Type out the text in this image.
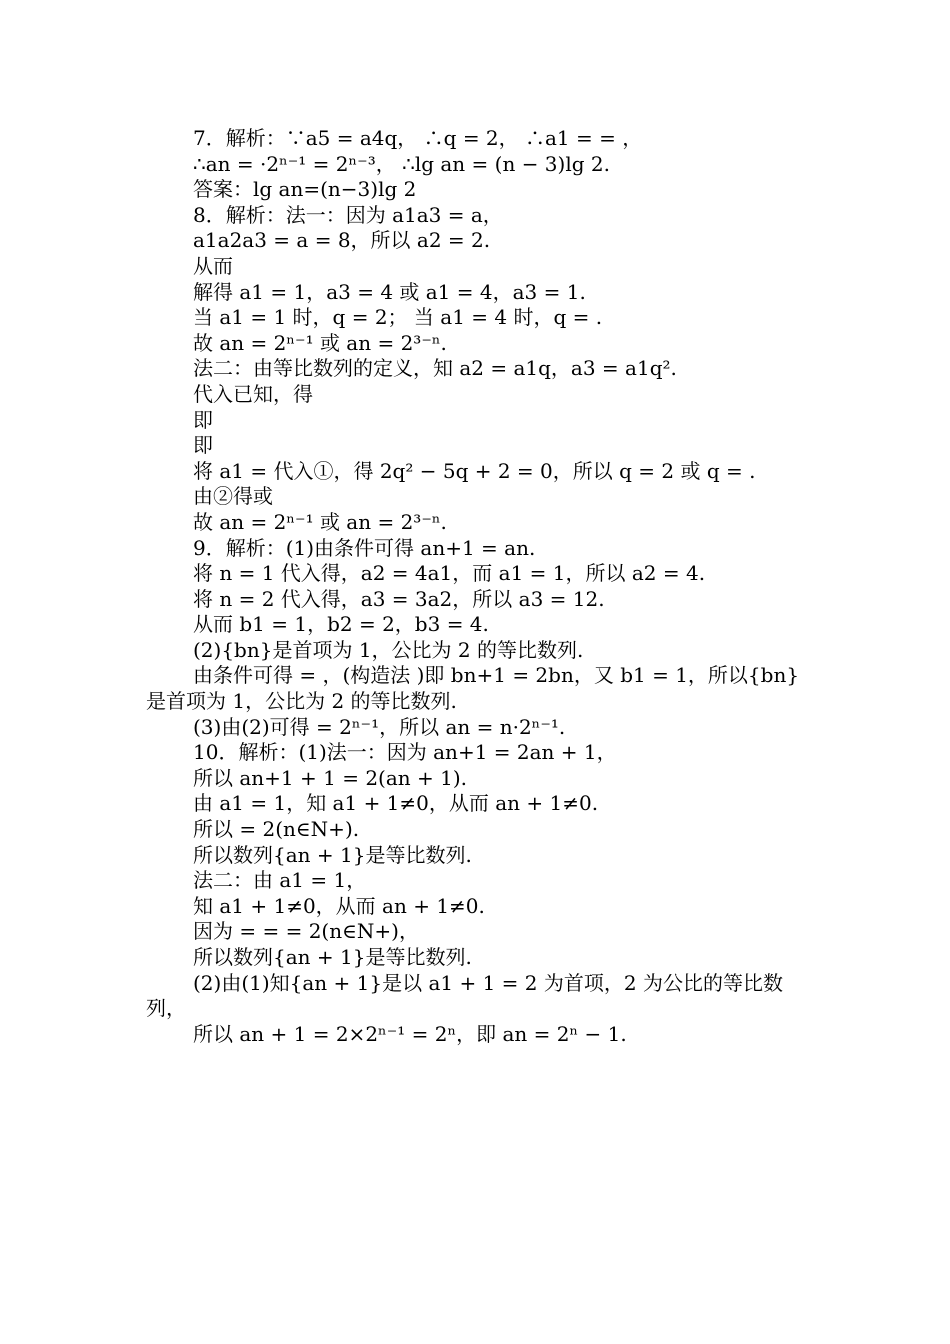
7．解析：∵a5 = a4q， ∴q = 2， ∴a1 = = ，
∴an = ·2ⁿ⁻¹ = 2ⁿ⁻³， ∴lg an = (n − 3)lg 2.
答案：lg an=(n−3)lg 2
8．解析：法一：因为 a1a3 = a，
a1a2a3 = a = 8，所以 a2 = 2.
从而
解得 a1 = 1，a3 = 4 或 a1 = 4，a3 = 1.
当 a1 = 1 时，q = 2； 当 a1 = 4 时，q = .
故 an = 2ⁿ⁻¹ 或 an = 2³⁻ⁿ.
法二：由等比数列的定义，知 a2 = a1q，a3 = a1q².
代入已知，得
即
即
将 a1 = 代入①，得 2q² − 5q + 2 = 0，所以 q = 2 或 q = .
由②得或
故 an = 2ⁿ⁻¹ 或 an = 2³⁻ⁿ.
9．解析：(1)由条件可得 an+1 = an.
将 n = 1 代入得，a2 = 4a1，而 a1 = 1，所以 a2 = 4.
将 n = 2 代入得，a3 = 3a2，所以 a3 = 12.
从而 b1 = 1，b2 = 2，b3 = 4.
(2){bn}是首项为 1，公比为 2 的等比数列.
由条件可得 = ，(构造法 )即 bn+1 = 2bn，又 b1 = 1，所以{bn}
是首项为 1，公比为 2 的等比数列.
(3)由(2)可得 = 2ⁿ⁻¹，所以 an = n·2ⁿ⁻¹.
10．解析：(1)法一：因为 an+1 = 2an + 1，
所以 an+1 + 1 = 2(an + 1).
由 a1 = 1，知 a1 + 1≠0，从而 an + 1≠0.
所以 = 2(n∈N+).
所以数列{an + 1}是等比数列.
法二：由 a1 = 1，
知 a1 + 1≠0，从而 an + 1≠0.
因为 = = = 2(n∈N+)，
所以数列{an + 1}是等比数列.
(2)由(1)知{an + 1}是以 a1 + 1 = 2 为首项，2 为公比的等比数
列，
所以 an + 1 = 2×2ⁿ⁻¹ = 2ⁿ，即 an = 2ⁿ − 1.
